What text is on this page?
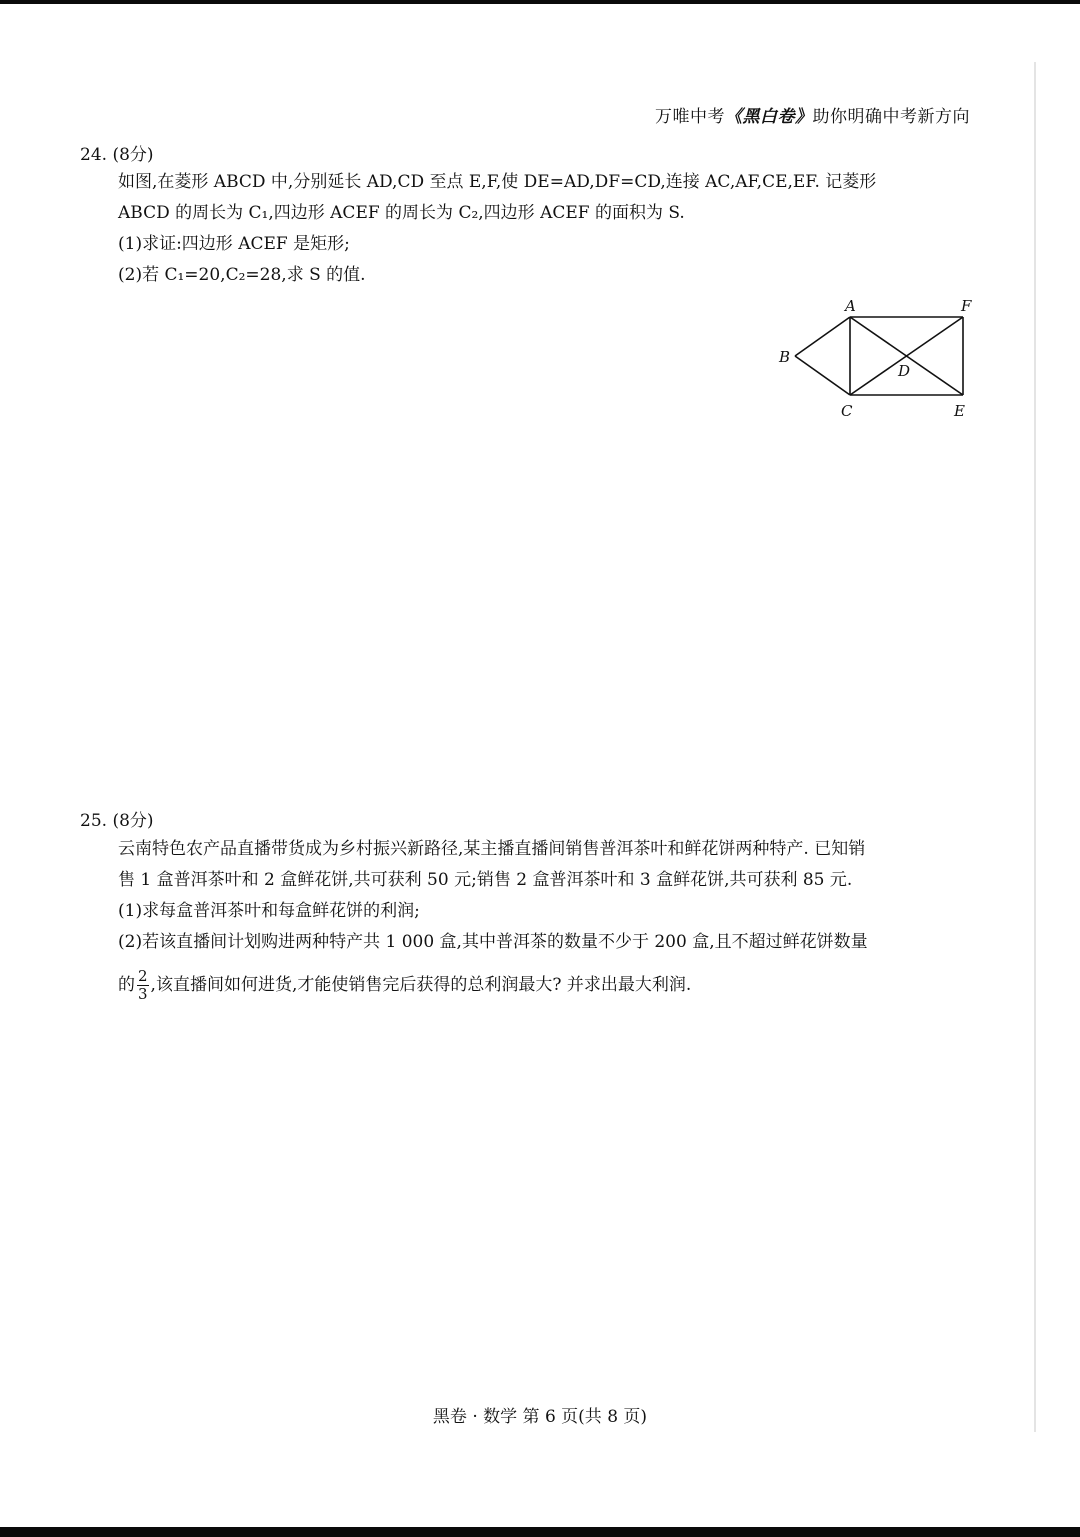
万唯中考《黑白卷》助你明确中考新方向
24. (8分)
如图,在菱形 ABCD 中,分别延长 AD,CD 至点 E,F,使 DE=AD,DF=CD,连接 AC,AF,CE,EF. 记菱形
ABCD 的周长为 C₁,四边形 ACEF 的周长为 C₂,四边形 ACEF 的面积为 S.
(1)求证:四边形 ACEF 是矩形;
(2)若 C₁=20,C₂=28,求 S 的值.
A	F
B
D
C	E
25. (8分)
云南特色农产品直播带货成为乡村振兴新路径,某主播直播间销售普洱茶叶和鲜花饼两种特产. 已知销
售 1 盒普洱茶叶和 2 盒鲜花饼,共可获利 50 元;销售 2 盒普洱茶叶和 3 盒鲜花饼,共可获利 85 元.
(1)求每盒普洱茶叶和每盒鲜花饼的利润;
(2)若该直播间计划购进两种特产共 1 000 盒,其中普洱茶的数量不少于 200 盒,且不超过鲜花饼数量
的 $\frac{2}{3}$ ,该直播间如何进货,才能使销售完后获得的总利润最大? 并求出最大利润.
黑卷 · 数学 第 6 页(共 8 页)
